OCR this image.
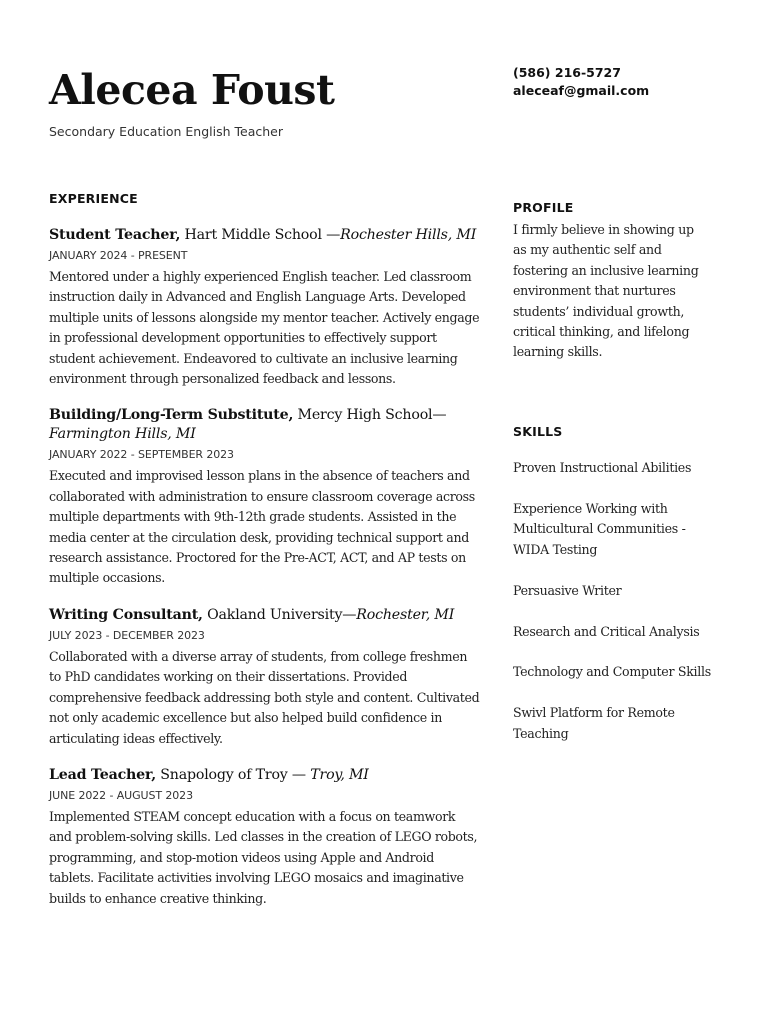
Alecea Foust
Secondary Education English Teacher
(586) 216-5727
aleceaf@gmail.com
EXPERIENCE
Student Teacher, Hart Middle School —Rochester Hills, MI
JANUARY 2024 - PRESENT
Mentored under a highly experienced English teacher. Led classroom instruction daily in Advanced and English Language Arts. Developed multiple units of lessons alongside my mentor teacher. Actively engage in professional development opportunities to effectively support student achievement. Endeavored to cultivate an inclusive learning environment through personalized feedback and lessons.
Building/Long-Term Substitute, Mercy High School—Farmington Hills, MI
JANUARY 2022 - SEPTEMBER 2023
Executed and improvised lesson plans in the absence of teachers and collaborated with administration to ensure classroom coverage across multiple departments with 9th-12th grade students. Assisted in the media center at the circulation desk, providing technical support and research assistance. Proctored for the Pre-ACT, ACT, and AP tests on multiple occasions.
Writing Consultant, Oakland University—Rochester, MI
JULY 2023 - DECEMBER 2023
Collaborated with a diverse array of students, from college freshmen to PhD candidates working on their dissertations. Provided comprehensive feedback addressing both style and content. Cultivated not only academic excellence but also helped build confidence in articulating ideas effectively.
Lead Teacher, Snapology of Troy — Troy, MI
JUNE 2022 - AUGUST 2023
Implemented STEAM concept education with a focus on teamwork and problem-solving skills. Led classes in the creation of LEGO robots, programming, and stop-motion videos using Apple and Android tablets. Facilitate activities involving LEGO mosaics and imaginative builds to enhance creative thinking.
PROFILE
I firmly believe in showing up as my authentic self and fostering an inclusive learning environment that nurtures students’ individual growth, critical thinking, and lifelong learning skills.
SKILLS
Proven Instructional Abilities
Experience Working with Multicultural Communities -WIDA Testing
Persuasive Writer
Research and Critical Analysis
Technology and Computer Skills
Swivl Platform for Remote Teaching
